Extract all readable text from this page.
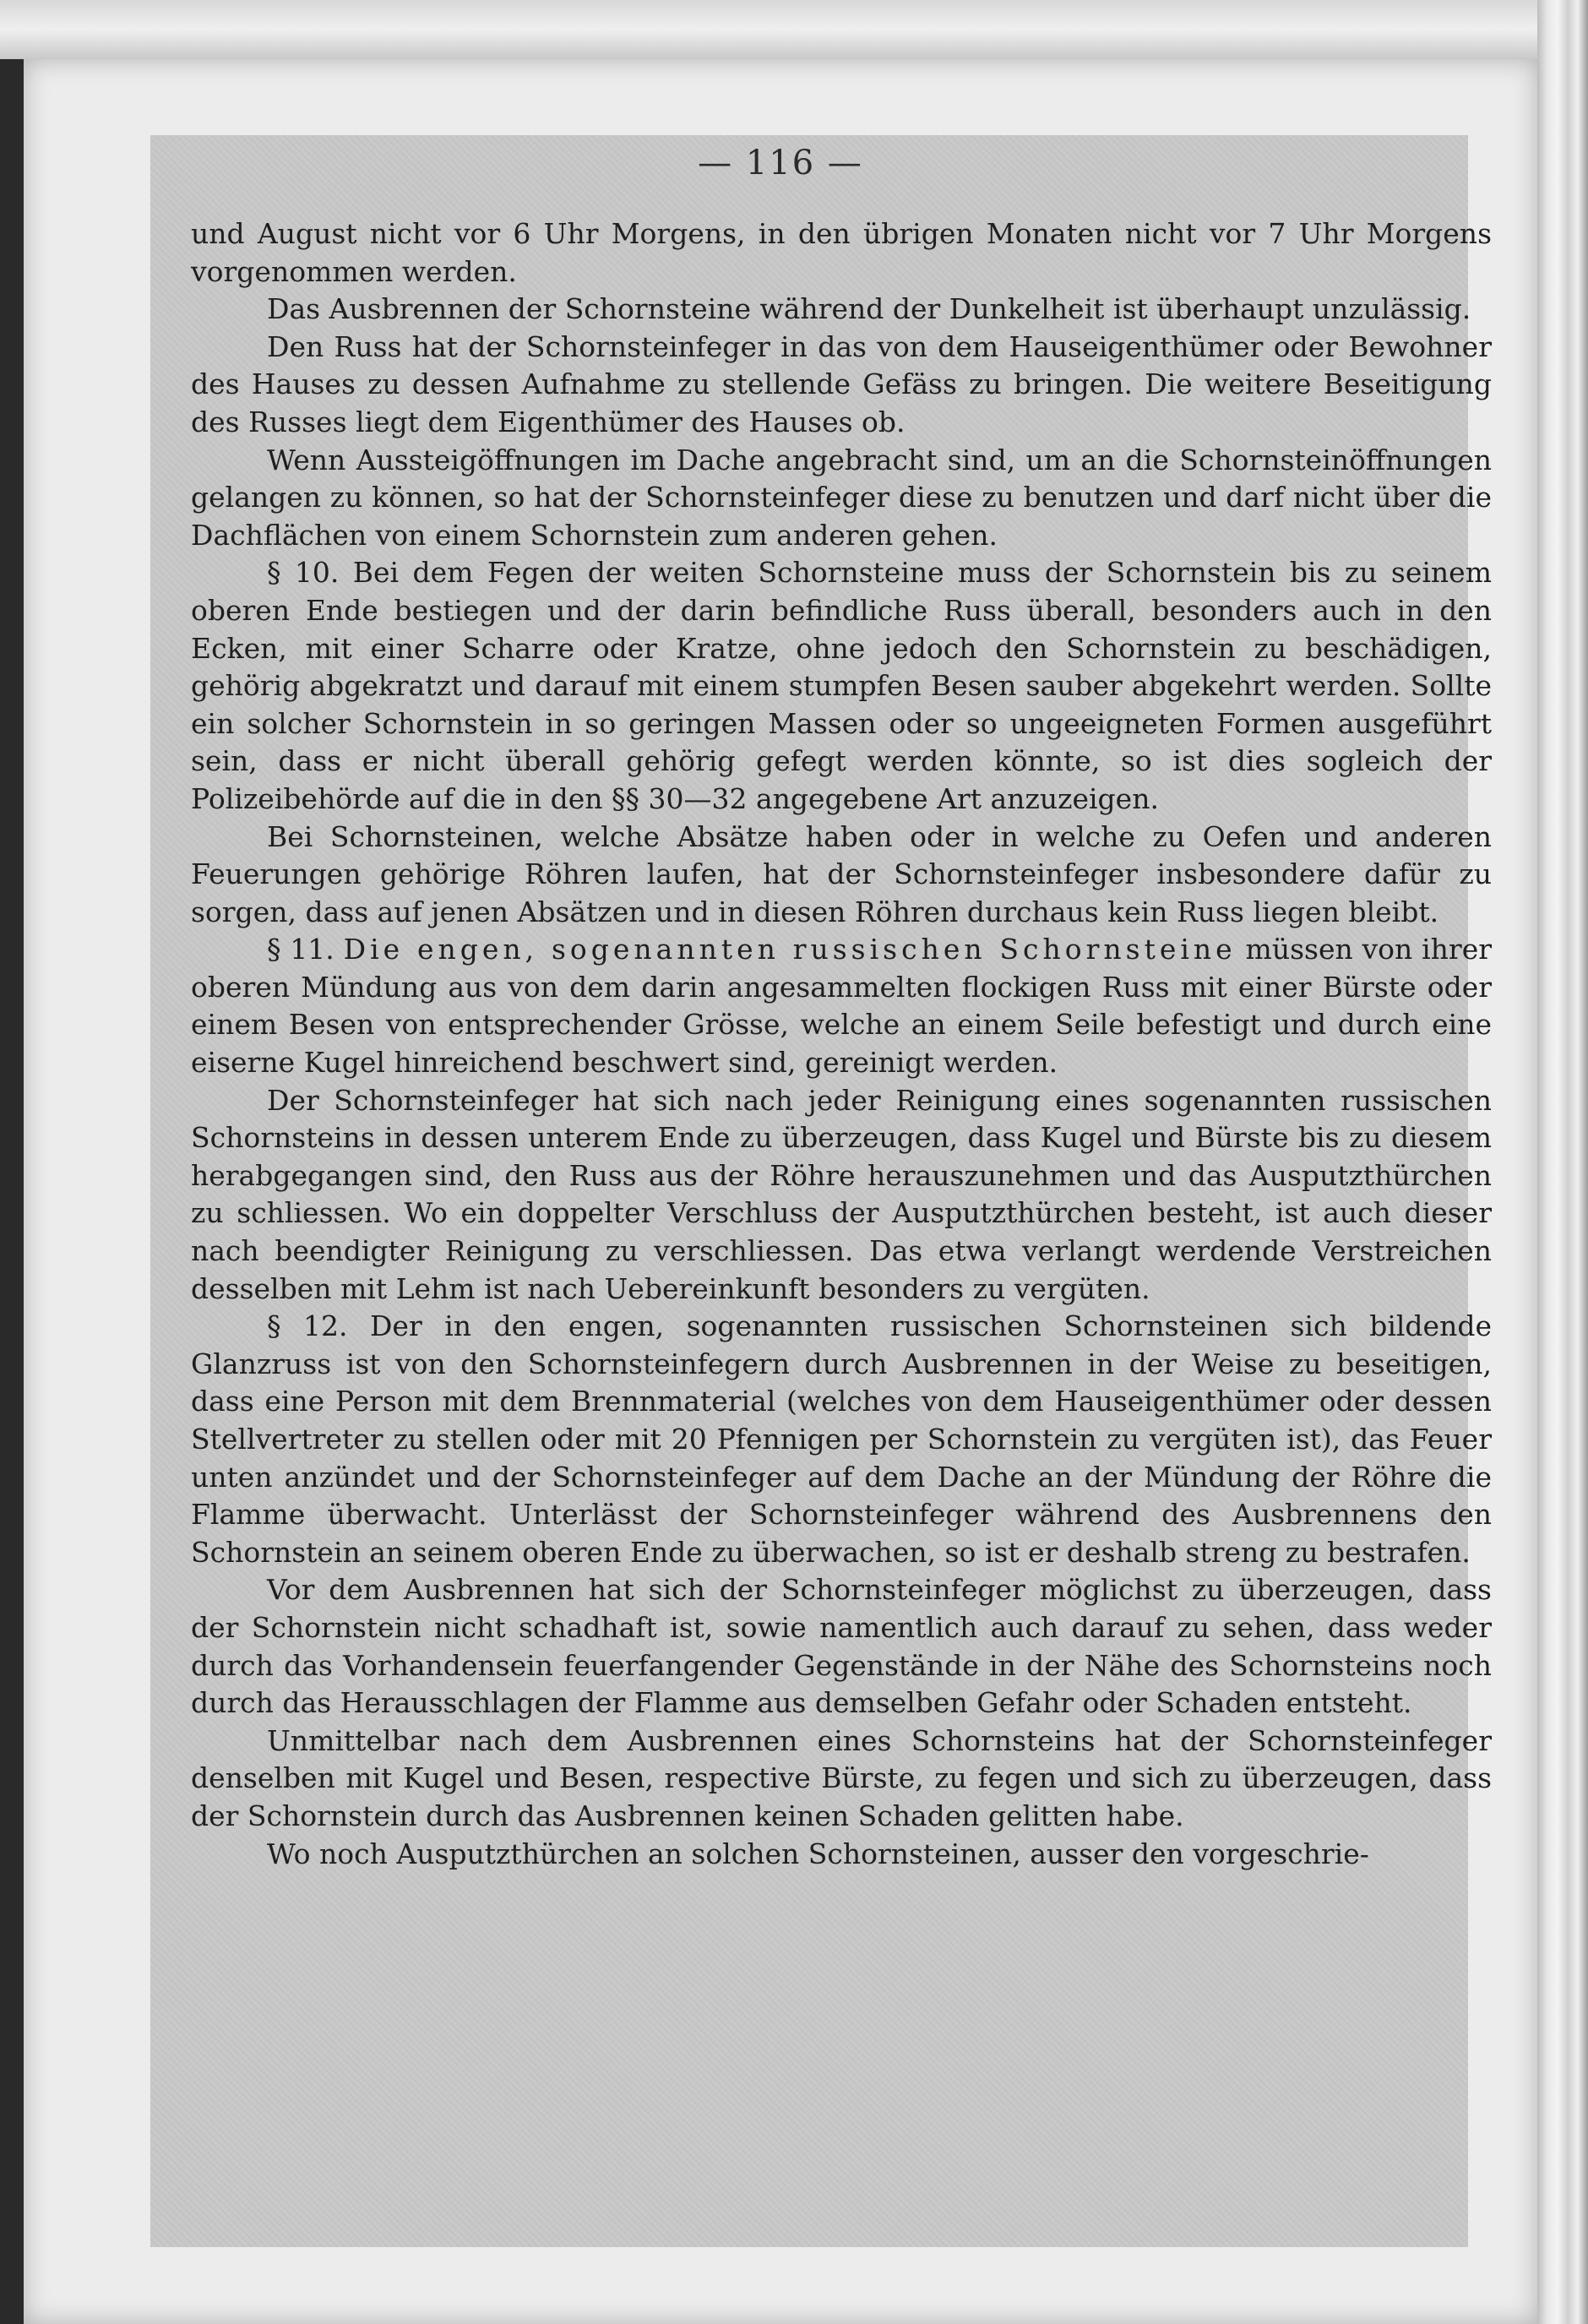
— 116 —

und August nicht vor 6 Uhr Morgens, in den übrigen Monaten nicht vor 7 Uhr Morgens vorgenommen werden.

Das Ausbrennen der Schornsteine während der Dunkelheit ist überhaupt unzulässig.

Den Russ hat der Schornsteinfeger in das von dem Hauseigenthümer oder Bewohner des Hauses zu dessen Aufnahme zu stellende Gefäss zu bringen. Die weitere Beseitigung des Russes liegt dem Eigenthümer des Hauses ob.

Wenn Aussteigöffnungen im Dache angebracht sind, um an die Schornsteinöffnungen gelangen zu können, so hat der Schornsteinfeger diese zu benutzen und darf nicht über die Dachflächen von einem Schornstein zum anderen gehen.

§ 10. Bei dem Fegen der weiten Schornsteine muss der Schornstein bis zu seinem oberen Ende bestiegen und der darin befindliche Russ überall, besonders auch in den Ecken, mit einer Scharre oder Kratze, ohne jedoch den Schornstein zu beschädigen, gehörig abgekratzt und darauf mit einem stumpfen Besen sauber abgekehrt werden. Sollte ein solcher Schornstein in so geringen Massen oder so ungeeigneten Formen ausgeführt sein, dass er nicht überall gehörig gefegt werden könnte, so ist dies sogleich der Polizeibehörde auf die in den §§ 30—32 angegebene Art anzuzeigen.

Bei Schornsteinen, welche Absätze haben oder in welche zu Oefen und anderen Feuerungen gehörige Röhren laufen, hat der Schornsteinfeger insbesondere dafür zu sorgen, dass auf jenen Absätzen und in diesen Röhren durchaus kein Russ liegen bleibt.

§ 11. Die engen, sogenannten russischen Schornsteine müssen von ihrer oberen Mündung aus von dem darin angesammelten flockigen Russ mit einer Bürste oder einem Besen von entsprechender Grösse, welche an einem Seile befestigt und durch eine eiserne Kugel hinreichend beschwert sind, gereinigt werden.

Der Schornsteinfeger hat sich nach jeder Reinigung eines sogenannten russischen Schornsteins in dessen unterem Ende zu überzeugen, dass Kugel und Bürste bis zu diesem herabgegangen sind, den Russ aus der Röhre herauszunehmen und das Ausputzthürchen zu schliessen. Wo ein doppelter Verschluss der Ausputzthürchen besteht, ist auch dieser nach beendigter Reinigung zu verschliessen. Das etwa verlangt werdende Verstreichen desselben mit Lehm ist nach Uebereinkunft besonders zu vergüten.

§ 12. Der in den engen, sogenannten russischen Schornsteinen sich bildende Glanzruss ist von den Schornsteinfegern durch Ausbrennen in der Weise zu beseitigen, dass eine Person mit dem Brennmaterial (welches von dem Hauseigenthümer oder dessen Stellvertreter zu stellen oder mit 20 Pfennigen per Schornstein zu vergüten ist), das Feuer unten anzündet und der Schornsteinfeger auf dem Dache an der Mündung der Röhre die Flamme überwacht. Unterlässt der Schornsteinfeger während des Ausbrennens den Schornstein an seinem oberen Ende zu überwachen, so ist er deshalb streng zu bestrafen.

Vor dem Ausbrennen hat sich der Schornsteinfeger möglichst zu überzeugen, dass der Schornstein nicht schadhaft ist, sowie namentlich auch darauf zu sehen, dass weder durch das Vorhandensein feuerfangender Gegenstände in der Nähe des Schornsteins noch durch das Herausschlagen der Flamme aus demselben Gefahr oder Schaden entsteht.

Unmittelbar nach dem Ausbrennen eines Schornsteins hat der Schornsteinfeger denselben mit Kugel und Besen, respective Bürste, zu fegen und sich zu überzeugen, dass der Schornstein durch das Ausbrennen keinen Schaden gelitten habe.

Wo noch Ausputzthürchen an solchen Schornsteinen, ausser den vorgeschrie-
